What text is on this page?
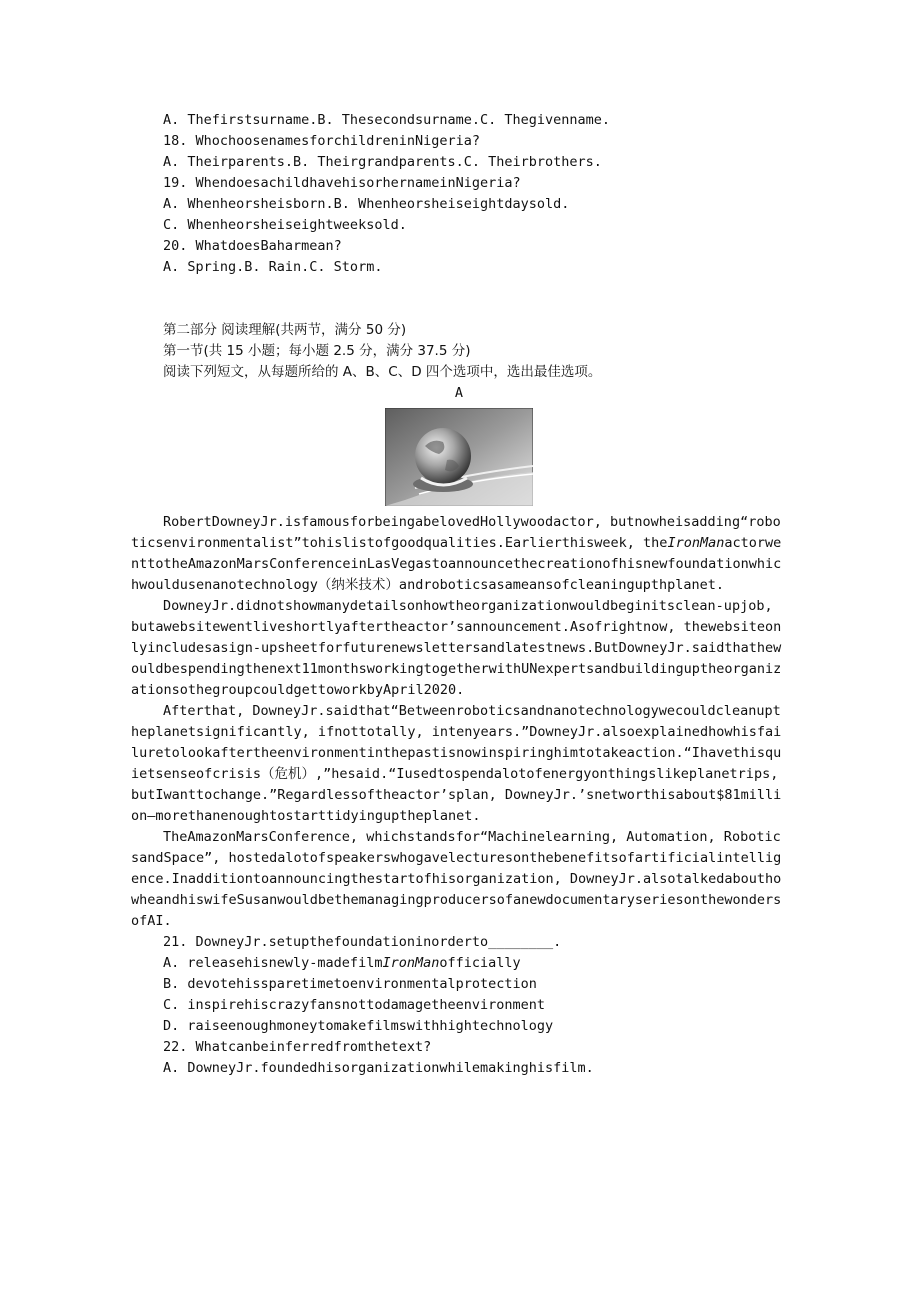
A. Thefirstsurname.B. Thesecondsurname.C. Thegivenname.
18. WhochoosenamesforchildreninNigeria?
A. Theirparents.B. Theirgrandparents.C. Theirbrothers.
19. WhendoesachildhavehisorhernameinNigeria?
A. Whenheorsheisborn.B. Whenheorsheiseightdaysold.
C. Whenheorsheiseightweeksold.
20. WhatdoesBaharmean?
A. Spring.B. Rain.C. Storm.
第二部分 阅读理解(共两节，满分 50 分)
第一节(共 15 小题；每小题 2.5 分，满分 37.5 分)
阅读下列短文，从每题所给的 A、B、C、D 四个选项中，选出最佳选项。
A

RobertDowneyJr.isfamousforbeingabelovedHollywoodactor, butnowheisadding“roboticsenvironmentalist”tohislistofgoodqualities.Earlierthisweek, theIronManactorwenttotheAmazonMarsConferenceinLasVegastoannouncethecreationofhisnewfoundationwhichwouldusenanotechnology（纳米技术）androboticsasameansofcleaningupthplanet.

DowneyJr.didnotshowmanydetailsonhowtheorganizationwouldbeginitsclean-upjob, butawebsitewentliveshortlyaftertheactor’sannouncement.Asofrightnow, thewebsiteonlyincludesasign-upsheetforfuturenewslettersandlatestnews.ButDowneyJr.saidthathewouldbespendingthenext11monthsworkingtogetherwithUNexpertsandbuildinguptheorganizationsothegroupcouldgettoworkbyApril2020.

Afterthat, DowneyJr.saidthat“Betweenroboticsandnanotechnologywecouldcleanuptheplanetsignificantly, ifnottotally, intenyears.”DowneyJr.alsoexplainedhowhisfailuretolookaftertheenvironmentinthepastisnowinspiringhimtotakeaction.“Ihavethisquietsenseofcrisis（危机）,”hesaid.“Iusedtospendalotofenergyonthingslikeplanetrips, butIwanttochange.”Regardlessoftheactor’splan, DowneyJr.’snetworthisabout$81million—morethanenoughtostarttidyinguptheplanet.

TheAmazonMarsConference, whichstandsfor“Machinelearning, Automation, RoboticsandSpace”, hostedalotofspeakerswhogavelecturesonthebenefitsofartificialintelligence.Inadditiontoannouncingthestartofhisorganization, DowneyJr.alsotalkedabouthowheandhiswifeSusanwouldbethemanagingproducersofanewdocumentaryseriesonthewondersofAI.

21. DowneyJr.setupthefoundationinorderto________.
A. releasehisnewly-madefilmIronManofficially
B. devotehissparetimetoenvironmentalprotection
C. inspirehiscrazyfansnottodamagetheenvironment
D. raiseenoughmoneytomakefilmswithhightechnology
22. Whatcanbeinferredfromthetext?
A. DowneyJr.foundedhisorganizationwhilemakinghisfilm.
